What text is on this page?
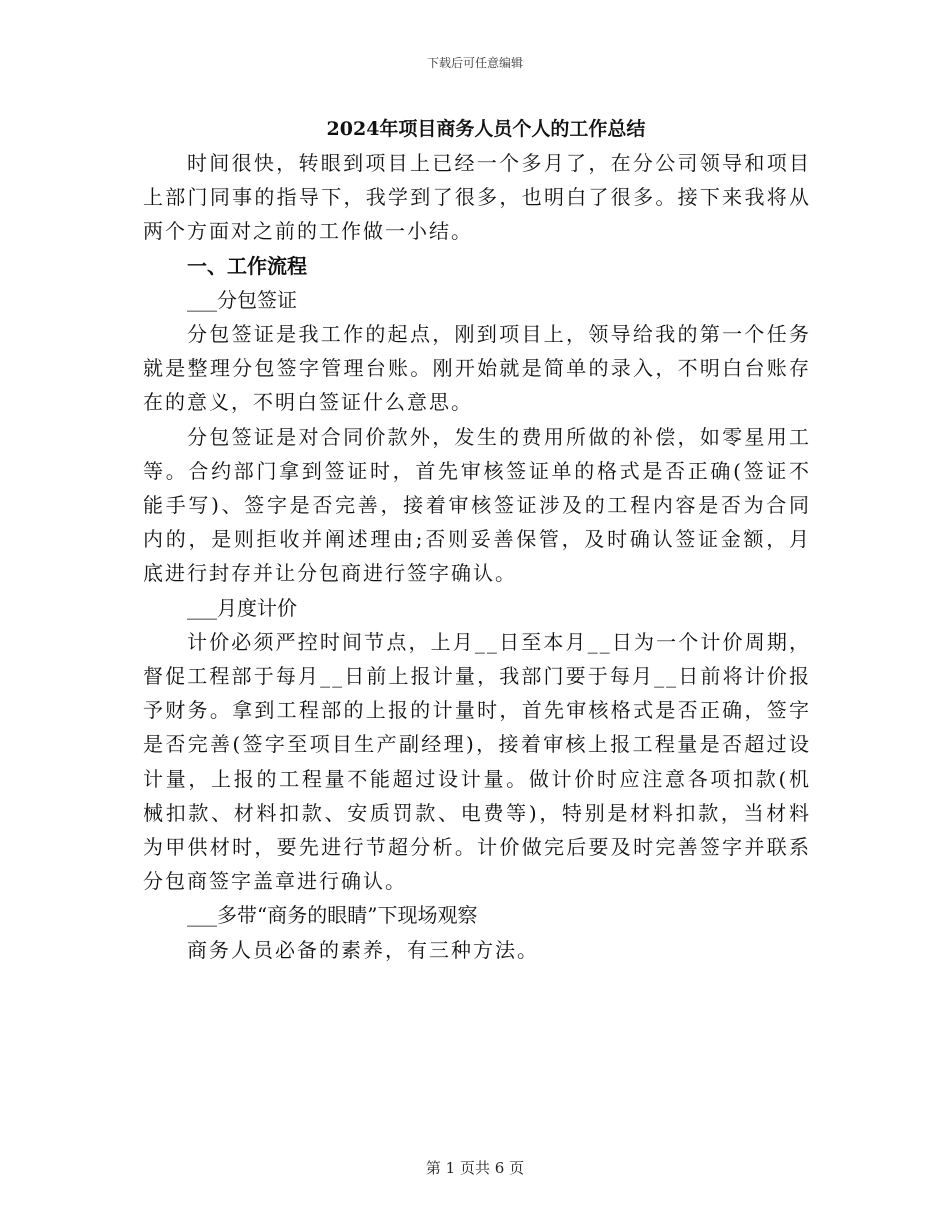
下载后可任意编辑
2024年项目商务人员个人的工作总结

时间很快，转眼到项目上已经一个多月了，在分公司领导和项目上部门同事的指导下，我学到了很多，也明白了很多。接下来我将从两个方面对之前的工作做一小结。

一、工作流程
___分包签证

分包签证是我工作的起点，刚到项目上，领导给我的第一个任务就是整理分包签字管理台账。刚开始就是简单的录入，不明白台账存在的意义，不明白签证什么意思。

分包签证是对合同价款外，发生的费用所做的补偿，如零星用工等。合约部门拿到签证时，首先审核签证单的格式是否正确(签证不能手写)、签字是否完善，接着审核签证涉及的工程内容是否为合同内的，是则拒收并阐述理由;否则妥善保管，及时确认签证金额，月底进行封存并让分包商进行签字确认。

___月度计价

计价必须严控时间节点，上月__日至本月__日为一个计价周期，督促工程部于每月__日前上报计量，我部门要于每月__日前将计价报予财务。拿到工程部的上报的计量时，首先审核格式是否正确，签字是否完善(签字至项目生产副经理)，接着审核上报工程量是否超过设计量，上报的工程量不能超过设计量。做计价时应注意各项扣款(机械扣款、材料扣款、安质罚款、电费等)，特别是材料扣款，当材料为甲供材时，要先进行节超分析。计价做完后要及时完善签字并联系分包商签字盖章进行确认。

___多带“商务的眼睛”下现场观察

商务人员必备的素养，有三种方法。

第 1 页共 6 页
